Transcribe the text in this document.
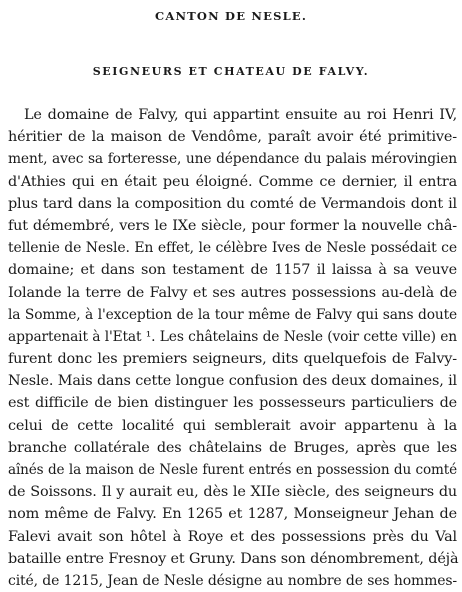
CANTON DE NESLE.
SEIGNEURS ET CHATEAU DE FALVY.
Le domaine de Falvy, qui appartint ensuite au roi Henri IV,
héritier de la maison de Vendôme, paraît avoir été primitive-
ment, avec sa forteresse, une dépendance du palais mérovingien
d'Athies qui en était peu éloigné. Comme ce dernier, il entra
plus tard dans la composition du comté de Vermandois dont il
fut démembré, vers le IXe siècle, pour former la nouvelle châ-
tellenie de Nesle. En effet, le célèbre Ives de Nesle possédait ce
domaine; et dans son testament de 1157 il laissa à sa veuve
Iolande la terre de Falvy et ses autres possessions au-delà de
la Somme, à l'exception de la tour même de Falvy qui sans doute
appartenait à l'Etat ¹. Les châtelains de Nesle (voir cette ville) en
furent donc les premiers seigneurs, dits quelquefois de Falvy-
Nesle. Mais dans cette longue confusion des deux domaines, il
est difficile de bien distinguer les possesseurs particuliers de
celui de cette localité qui semblerait avoir appartenu à la
branche collatérale des châtelains de Bruges, après que les
aînés de la maison de Nesle furent entrés en possession du comté
de Soissons. Il y aurait eu, dès le XIIe siècle, des seigneurs du
nom même de Falvy. En 1265 et 1287, Monseigneur Jehan de
Falevi avait son hôtel à Roye et des possessions près du Val
bataille entre Fresnoy et Gruny. Dans son dénombrement, déjà
cité, de 1215, Jean de Nesle désigne au nombre de ses hommes-
